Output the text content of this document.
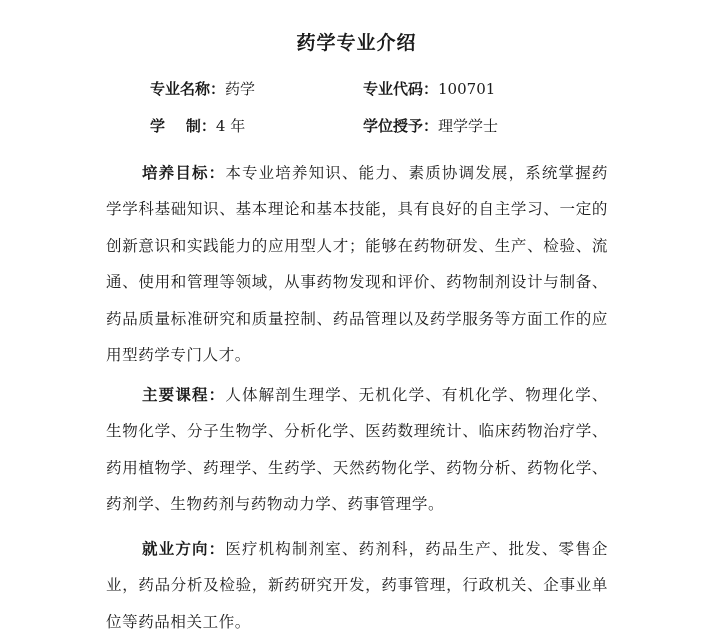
药学专业介绍
专业名称：药学	专业代码：100701
学    制：4 年	学位授予：理学学士
培养目标：本专业培养知识、能力、素质协调发展，系统掌握药学学科基础知识、基本理论和基本技能，具有良好的自主学习、一定的创新意识和实践能力的应用型人才；能够在药物研发、生产、检验、流通、使用和管理等领域，从事药物发现和评价、药物制剂设计与制备、药品质量标准研究和质量控制、药品管理以及药学服务等方面工作的应用型药学专门人才。
主要课程：人体解剖生理学、无机化学、有机化学、物理化学、生物化学、分子生物学、分析化学、医药数理统计、临床药物治疗学、药用植物学、药理学、生药学、天然药物化学、药物分析、药物化学、药剂学、生物药剂与药物动力学、药事管理学。
就业方向：医疗机构制剂室、药剂科，药品生产、批发、零售企业，药品分析及检验，新药研究开发，药事管理，行政机关、企事业单位等药品相关工作。
